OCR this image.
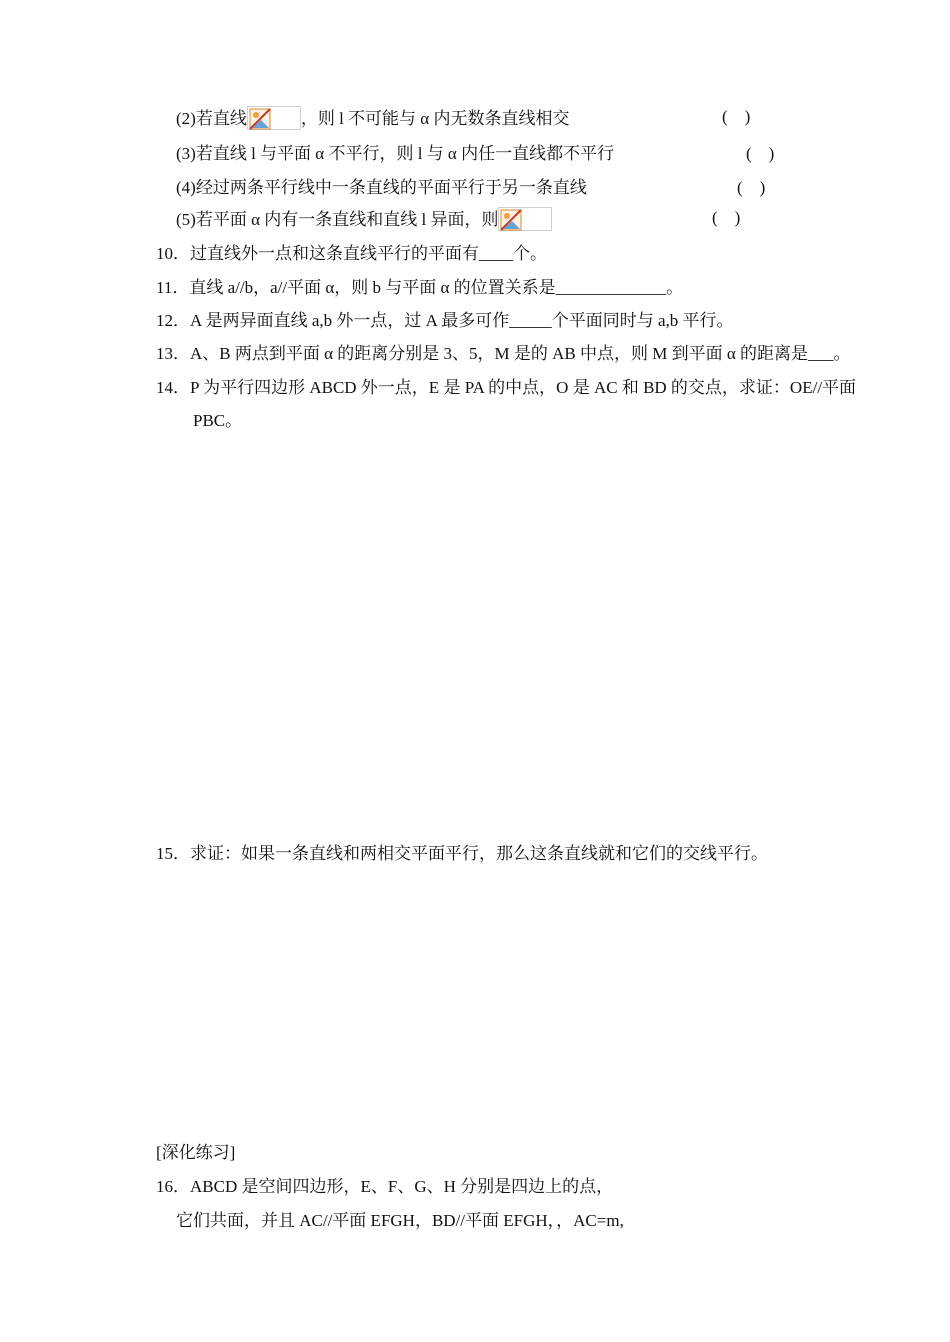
(2)若直线	，则 l 不可能与 α 内无数条直线相交	(    )
(3)若直线 l 与平面 α 不平行，则 l 与 α 内任一直线都不平行	(    )
(4)经过两条平行线中一条直线的平面平行于另一条直线	(    )
(5)若平面 α 内有一条直线和直线 l 异面，则	(    )
10．过直线外一点和这条直线平行的平面有____个。
11．直线 a//b，a//平面 α，则 b 与平面 α 的位置关系是_____________。
12．A 是两异面直线 a,b 外一点，过 A 最多可作_____个平面同时与 a,b 平行。
13．A、B 两点到平面 α 的距离分别是 3、5，M 是的 AB 中点，则 M 到平面 α 的距离是___。
14．P 为平行四边形 ABCD 外一点，E 是 PA 的中点，O 是 AC 和 BD 的交点，求证：OE//平面
PBC。
15．求证：如果一条直线和两相交平面平行，那么这条直线就和它们的交线平行。
[深化练习]
16．ABCD 是空间四边形，E、F、G、H 分别是四边上的点，
它们共面，并且 AC//平面 EFGH，BD//平面 EFGH，，AC=m,
